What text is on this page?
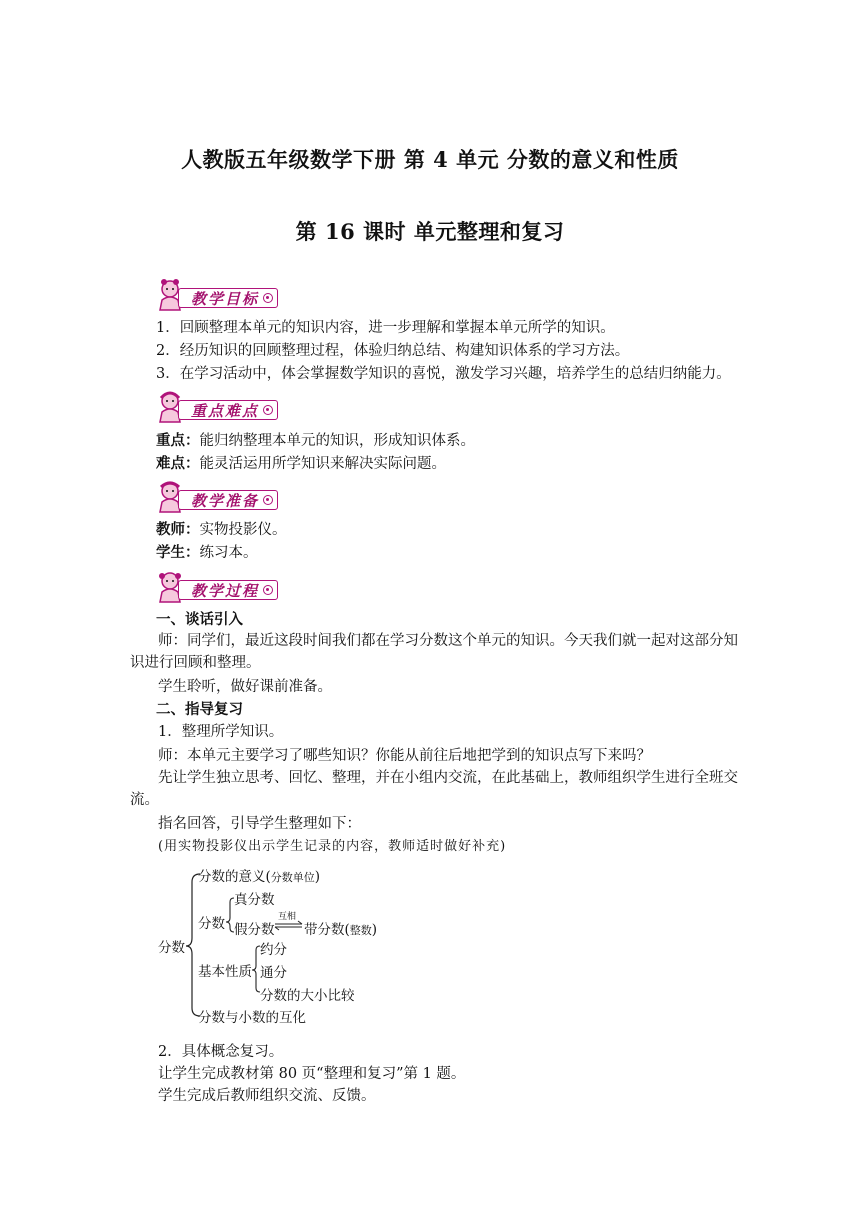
人教版五年级数学下册 第 4 单元 分数的意义和性质
第 16 课时 单元整理和复习
教学目标
1．回顾整理本单元的知识内容，进一步理解和掌握本单元所学的知识。
2．经历知识的回顾整理过程，体验归纳总结、构建知识体系的学习方法。
3．在学习活动中，体会掌握数学知识的喜悦，激发学习兴趣，培养学生的总结归纳能力。
重点难点
重点：能归纳整理本单元的知识，形成知识体系。
难点：能灵活运用所学知识来解决实际问题。
教学准备
教师：实物投影仪。
学生：练习本。
教学过程
一、谈话引入
师：同学们，最近这段时间我们都在学习分数这个单元的知识。今天我们就一起对这部分知识进行回顾和整理。
学生聆听，做好课前准备。
二、指导复习
1．整理所学知识。
师：本单元主要学习了哪些知识？你能从前往后地把学到的知识点写下来吗？
先让学生独立思考、回忆、整理，并在小组内交流，在此基础上，教师组织学生进行全班交流。
指名回答，引导学生整理如下：
(用实物投影仪出示学生记录的内容，教师适时做好补充)
分数
分数的意义(分数单位)
分数
真分数
假分数
互相
带分数(整数)
基本性质
约分
通分
分数的大小比较
分数与小数的互化
2．具体概念复习。
让学生完成教材第 80 页“整理和复习”第 1 题。
学生完成后教师组织交流、反馈。
